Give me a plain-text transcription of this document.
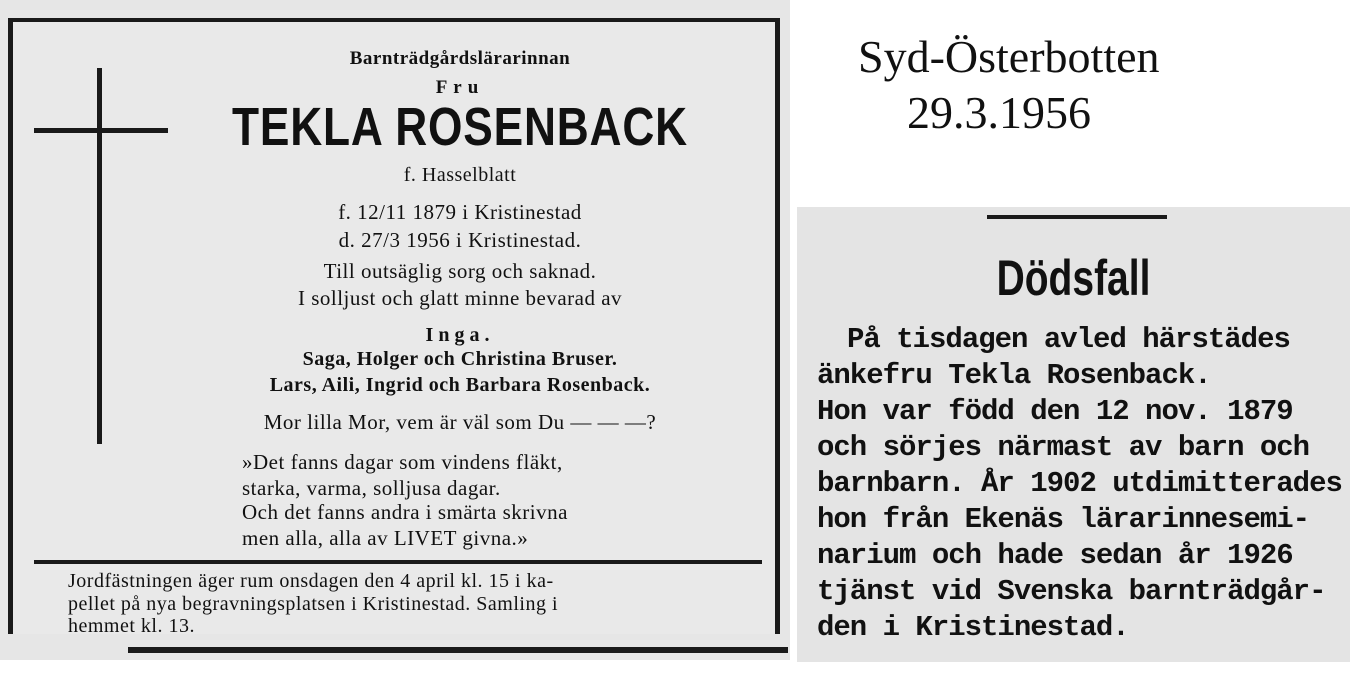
Barnträdgårdslärarinnan
Fru
TEKLA ROSENBACK
f. Hasselblatt
f. 12/11 1879 i Kristinestad
d. 27/3 1956 i Kristinestad.
Till outsäglig sorg och saknad.
I solljust och glatt minne bevarad av
Inga.
Saga, Holger och Christina Bruser.
Lars, Aili, Ingrid och Barbara Rosenback.
Mor lilla Mor, vem är väl som Du — — —?
»Det fanns dagar som vindens fläkt,
starka, varma, solljusa dagar.
Och det fanns andra i smärta skrivna
men alla, alla av LIVET givna.»
Jordfästningen äger rum onsdagen den 4 april kl. 15 i ka-
pellet på nya begravningsplatsen i Kristinestad. Samling i
hemmet kl. 13.
Syd-Österbotten
29.3.1956
Dödsfall
På tisdagen avled härstädes
änkefru Tekla Rosenback.
Hon var född den 12 nov. 1879
och sörjes närmast av barn och
barnbarn. År 1902 utdimitterades
hon från Ekenäs lärarinnesemi-
narium och hade sedan år 1926
tjänst vid Svenska barnträdgår-
den i Kristinestad.
